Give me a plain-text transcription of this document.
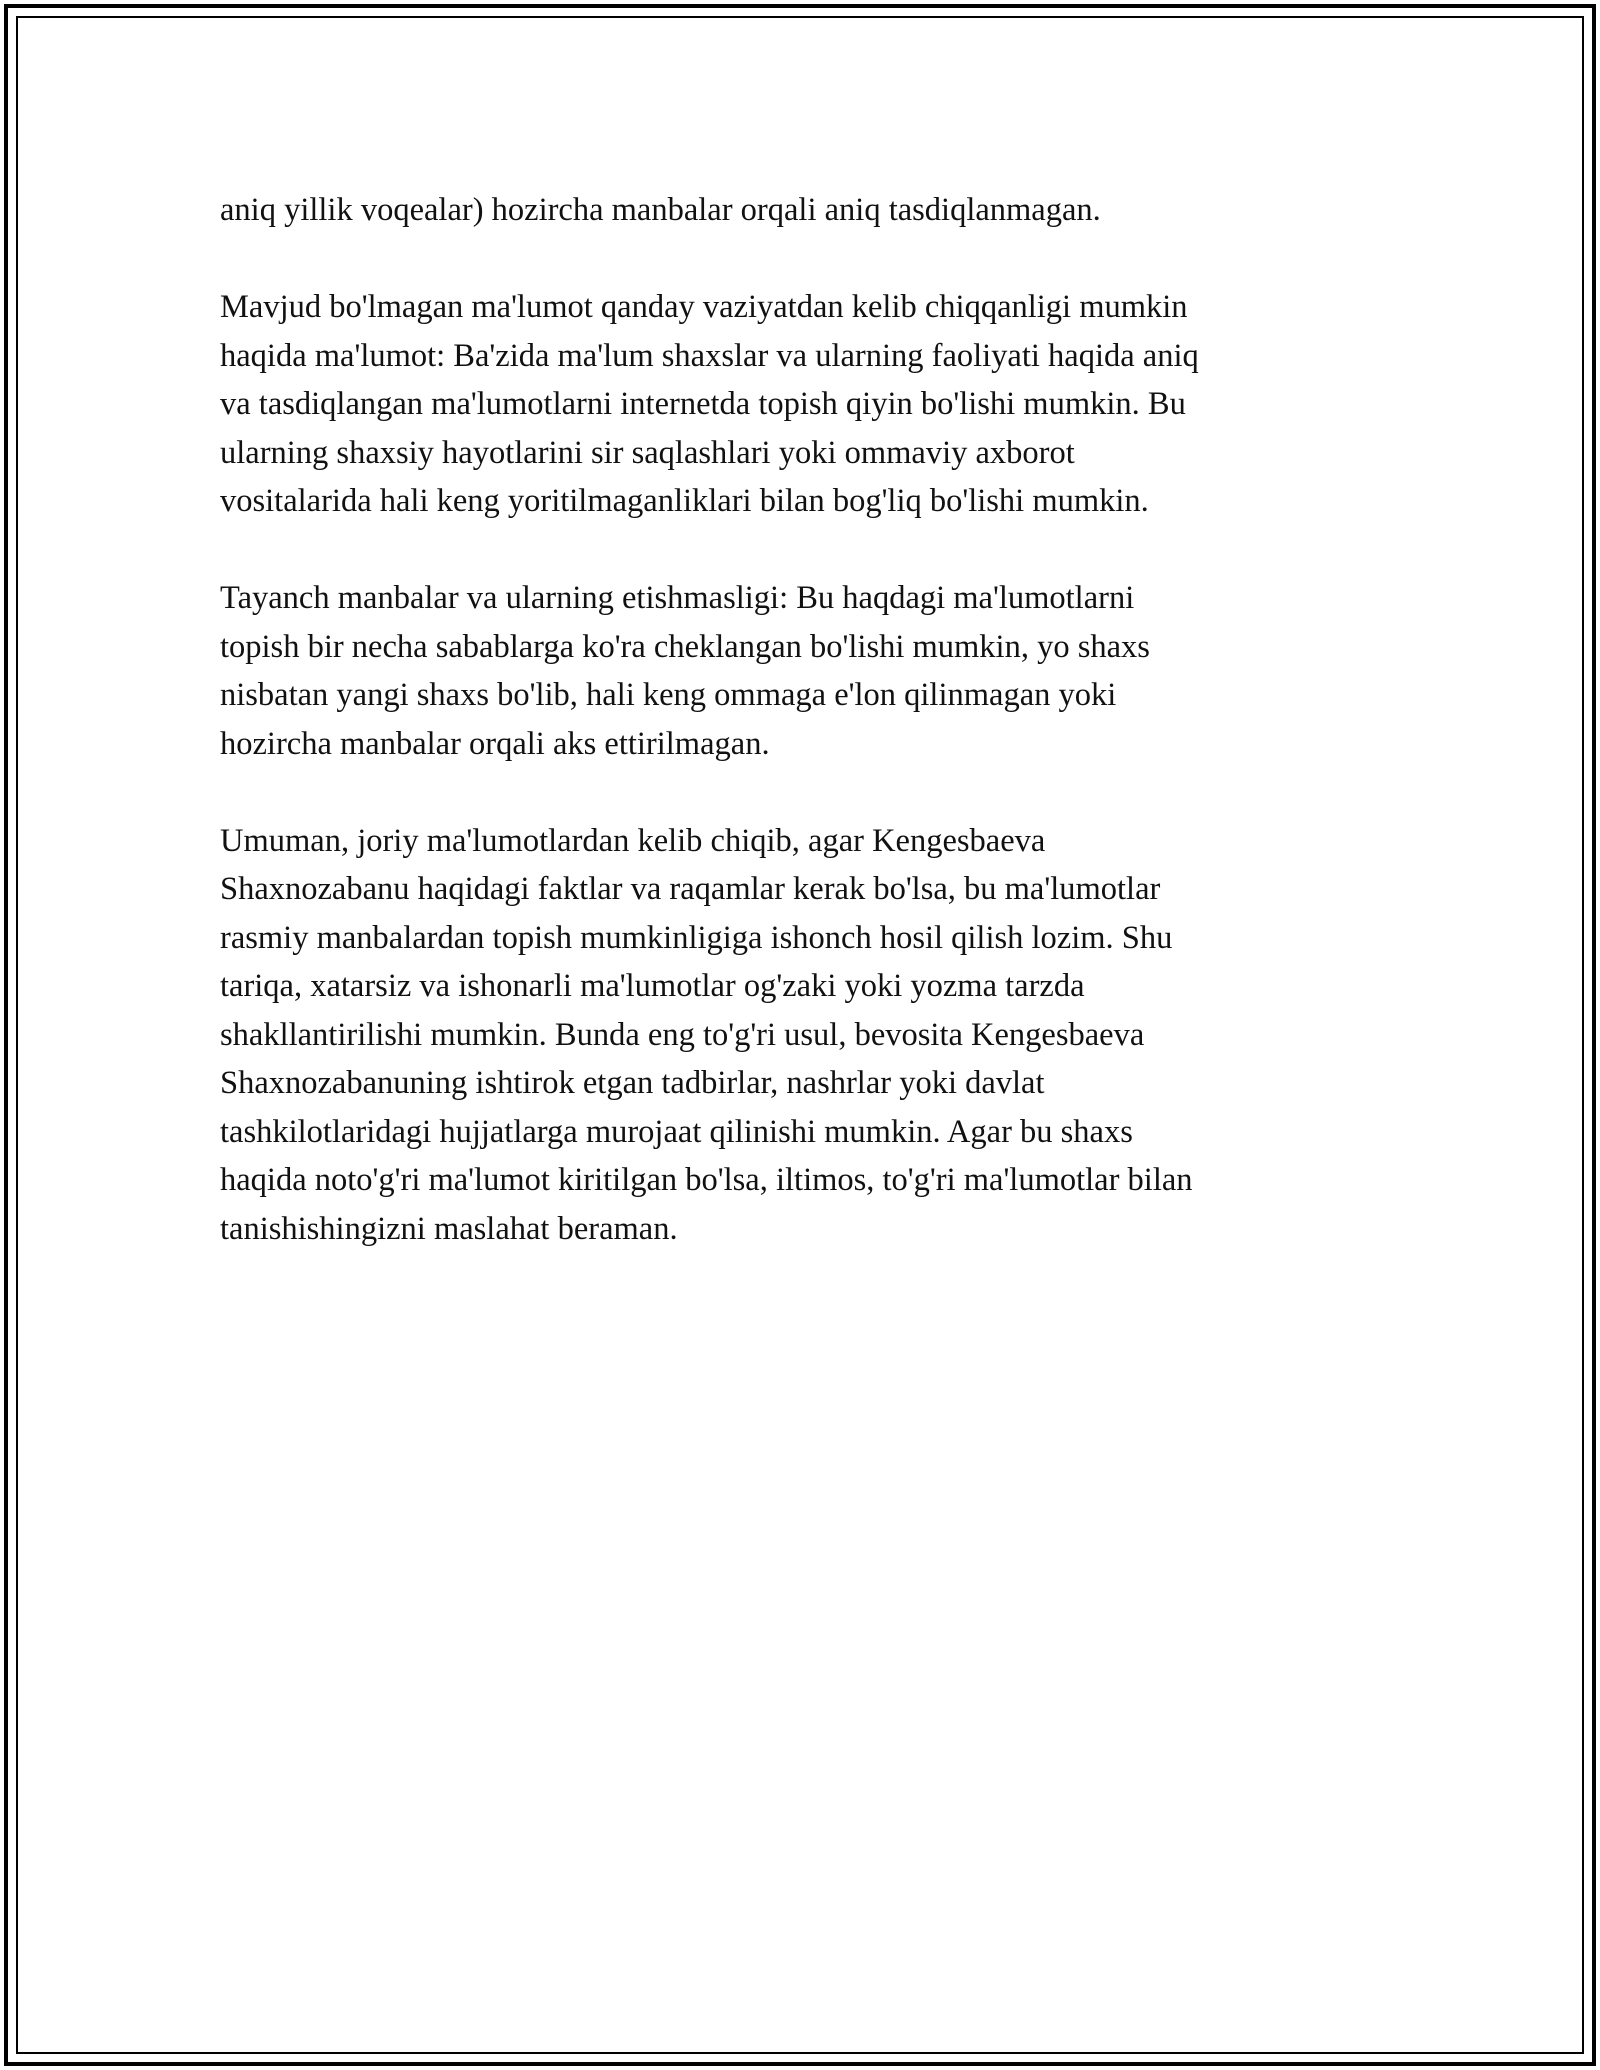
aniq yillik voqealar) hozircha manbalar orqali aniq tasdiqlanmagan.

Mavjud bo'lmagan ma'lumot qanday vaziyatdan kelib chiqqanligi mumkin
haqida ma'lumot: Ba'zida ma'lum shaxslar va ularning faoliyati haqida aniq
va tasdiqlangan ma'lumotlarni internetda topish qiyin bo'lishi mumkin. Bu
ularning shaxsiy hayotlarini sir saqlashlari yoki ommaviy axborot
vositalarida hali keng yoritilmaganliklari bilan bog'liq bo'lishi mumkin.

Tayanch manbalar va ularning etishmasligi: Bu haqdagi ma'lumotlarni
topish bir necha sabablarga ko'ra cheklangan bo'lishi mumkin, yo shaxs
nisbatan yangi shaxs bo'lib, hali keng ommaga e'lon qilinmagan yoki
hozircha manbalar orqali aks ettirilmagan.

Umuman, joriy ma'lumotlardan kelib chiqib, agar Kengesbaeva
Shaxnozabanu haqidagi faktlar va raqamlar kerak bo'lsa, bu ma'lumotlar
rasmiy manbalardan topish mumkinligiga ishonch hosil qilish lozim. Shu
tariqa, xatarsiz va ishonarli ma'lumotlar og'zaki yoki yozma tarzda
shakllantirilishi mumkin. Bunda eng to'g'ri usul, bevosita Kengesbaeva
Shaxnozabanuning ishtirok etgan tadbirlar, nashrlar yoki davlat
tashkilotlaridagi hujjatlarga murojaat qilinishi mumkin. Agar bu shaxs
haqida noto'g'ri ma'lumot kiritilgan bo'lsa, iltimos, to'g'ri ma'lumotlar bilan
tanishishingizni maslahat beraman.
